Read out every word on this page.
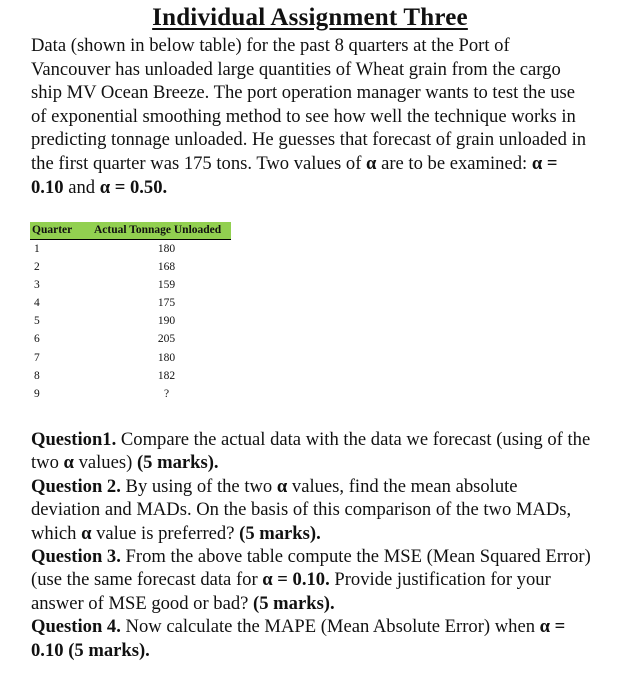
Individual Assignment Three
Data (shown in below table) for the past 8 quarters at the Port of Vancouver has unloaded large quantities of Wheat grain from the cargo ship MV Ocean Breeze. The port operation manager wants to test the use of exponential smoothing method to see how well the technique works in predicting tonnage unloaded. He guesses that forecast of grain unloaded in the first quarter was 175 tons. Two values of α are to be examined: α = 0.10 and α = 0.50.
Quarter	Actual Tonnage Unloaded
1	180
2	168
3	159
4	175
5	190
6	205
7	180
8	182
9	?

Question1. Compare the actual data with the data we forecast (using of the two α values) (5 marks).

Question 2. By using of the two α values, find the mean absolute deviation and MADs. On the basis of this comparison of the two MADs, which α value is preferred? (5 marks).

Question 3. From the above table compute the MSE (Mean Squared Error) (use the same forecast data for α = 0.10. Provide justification for your answer of MSE good or bad? (5 marks).

Question 4. Now calculate the MAPE (Mean Absolute Error) when α = 0.10 (5 marks).
